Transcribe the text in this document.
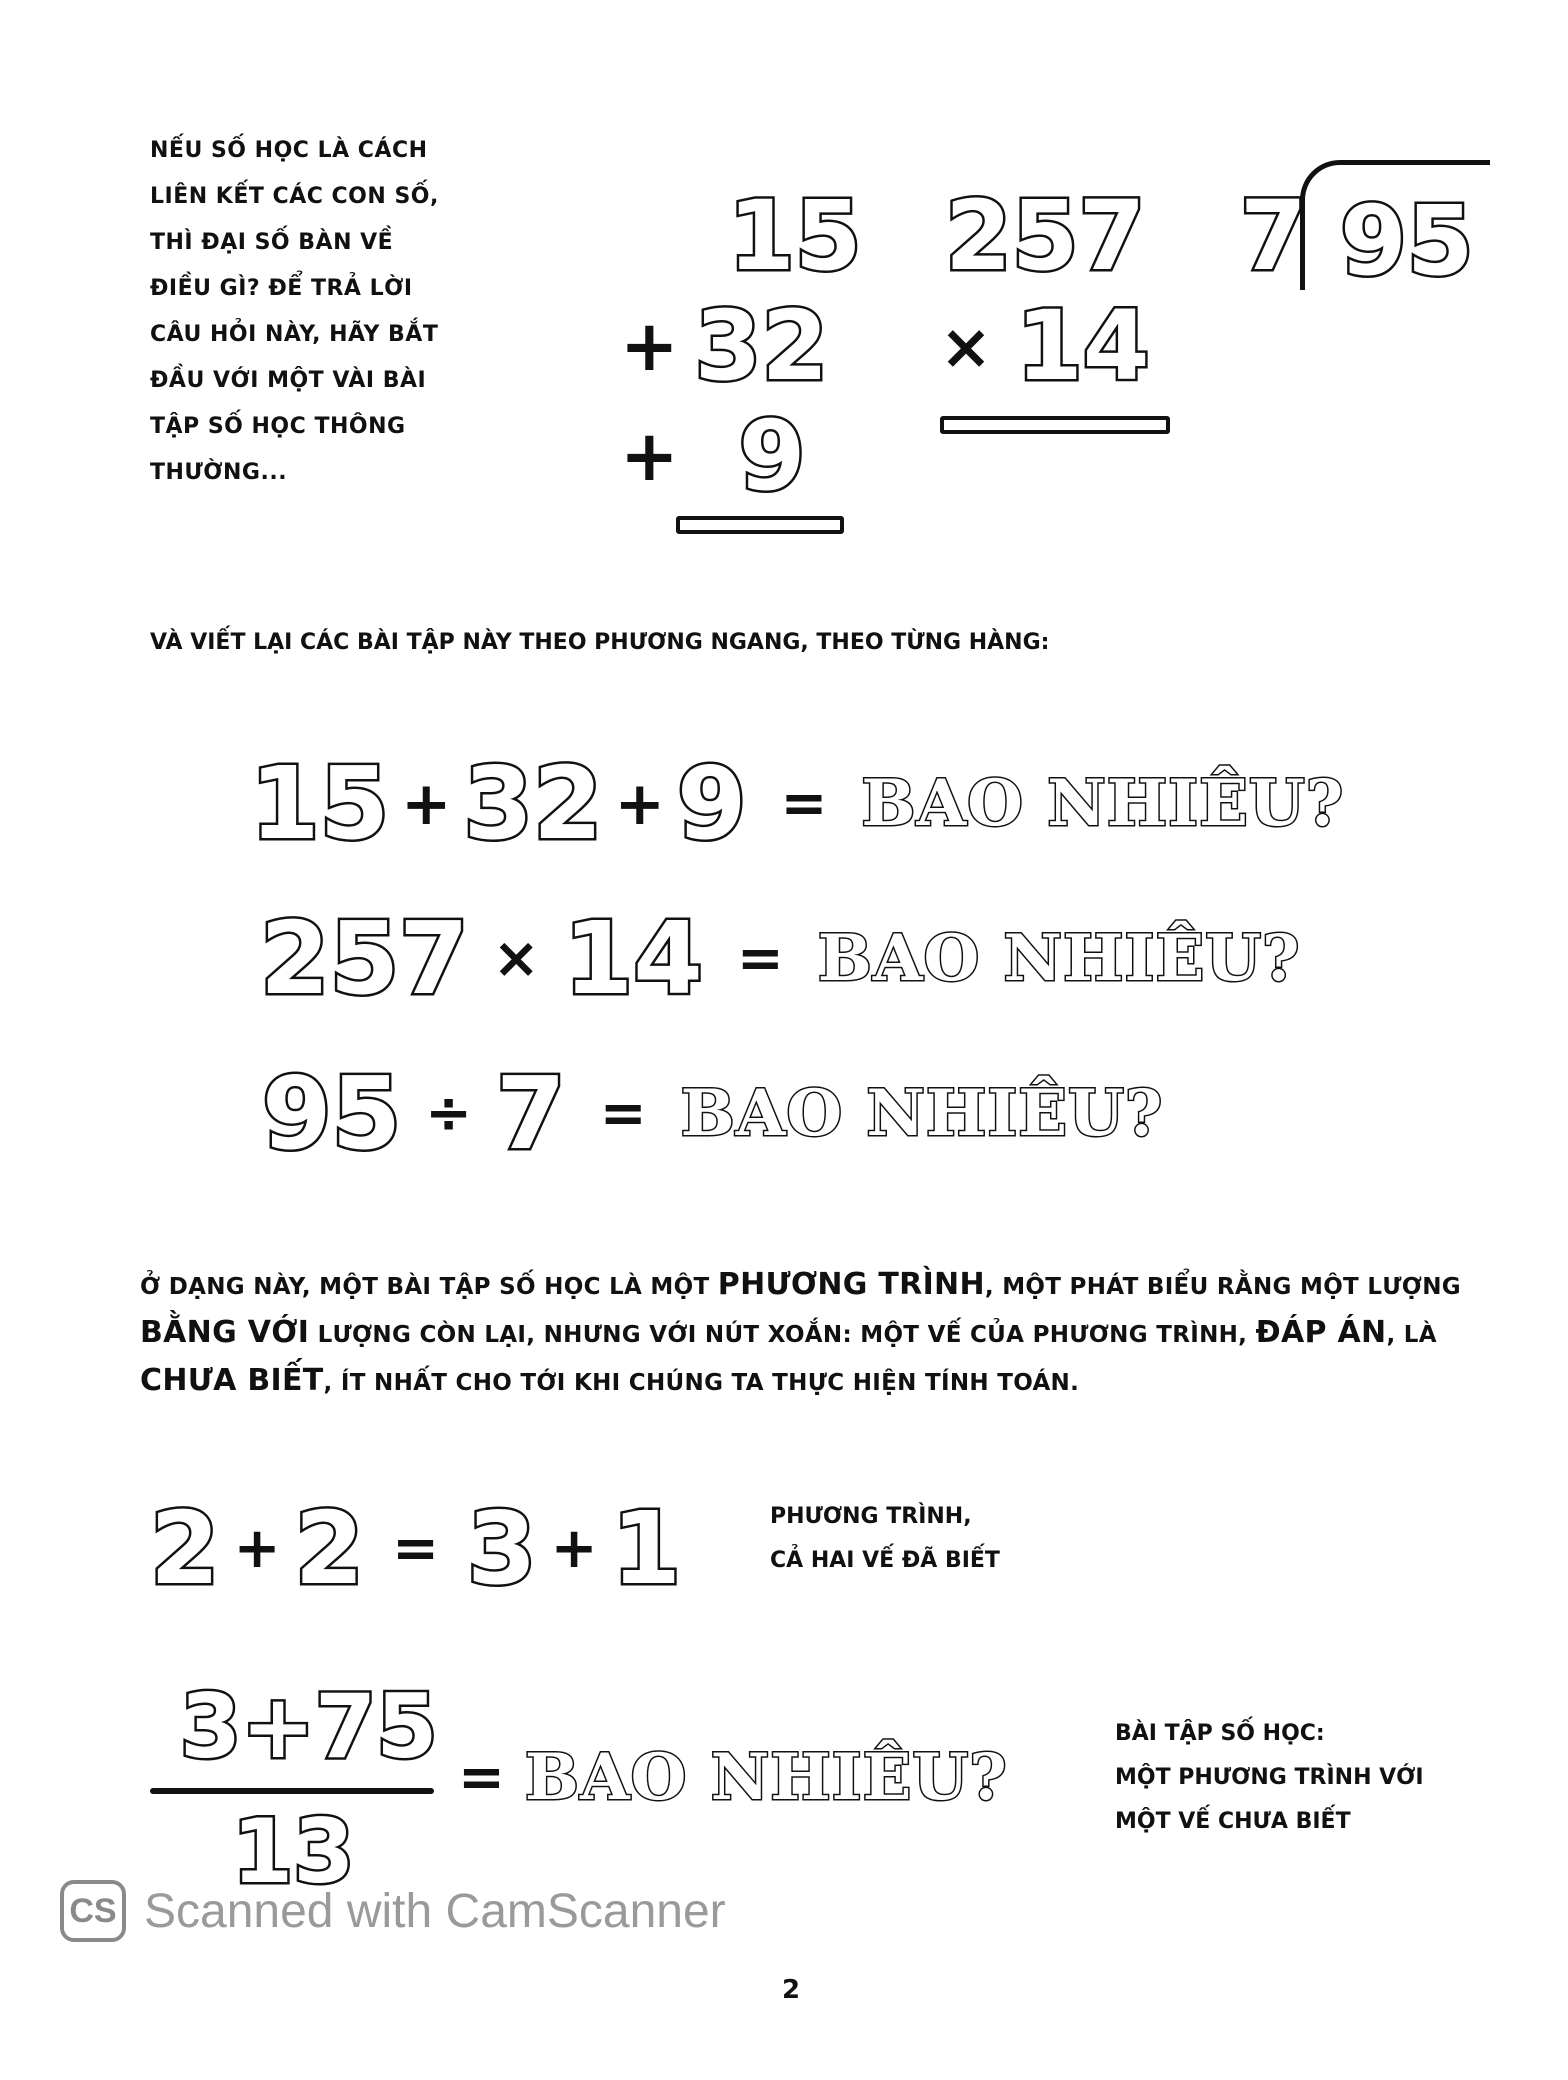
NẾU SỐ HỌC LÀ CÁCH
LIÊN KẾT CÁC CON SỐ,
THÌ ĐẠI SỐ BÀN VỀ
ĐIỀU GÌ? ĐỂ TRẢ LỜI
CÂU HỎI NÀY, HÃY BẮT
ĐẦU VỚI MỘT VÀI BÀI
TẬP SỐ HỌC THÔNG
THƯỜNG...
15
+ 32
+ 9
257
× 14
7 95
VÀ VIẾT LẠI CÁC BÀI TẬP NÀY THEO PHƯƠNG NGANG, THEO TỪNG HÀNG:
15 + 32 + 9 = BAO NHIÊU?
257 × 14 = BAO NHIÊU?
95 ÷ 7 = BAO NHIÊU?
Ở DẠNG NÀY, MỘT BÀI TẬP SỐ HỌC LÀ MỘT PHƯƠNG TRÌNH, MỘT PHÁT BIỂU RẰNG MỘT LƯỢNG BẰNG VỚI LƯỢNG CÒN LẠI, NHƯNG VỚI NÚT XOẮN: MỘT VẾ CỦA PHƯƠNG TRÌNH, ĐÁP ÁN, LÀ CHƯA BIẾT, ÍT NHẤT CHO TỚI KHI CHÚNG TA THỰC HIỆN TÍNH TOÁN.
2 + 2 = 3 + 1	PHƯƠNG TRÌNH,
CẢ HAI VẾ ĐÃ BIẾT
3+75
13
= BAO NHIÊU?
BÀI TẬP SỐ HỌC:
MỘT PHƯƠNG TRÌNH VỚI
MỘT VẾ CHƯA BIẾT
CS Scanned with CamScanner
2
